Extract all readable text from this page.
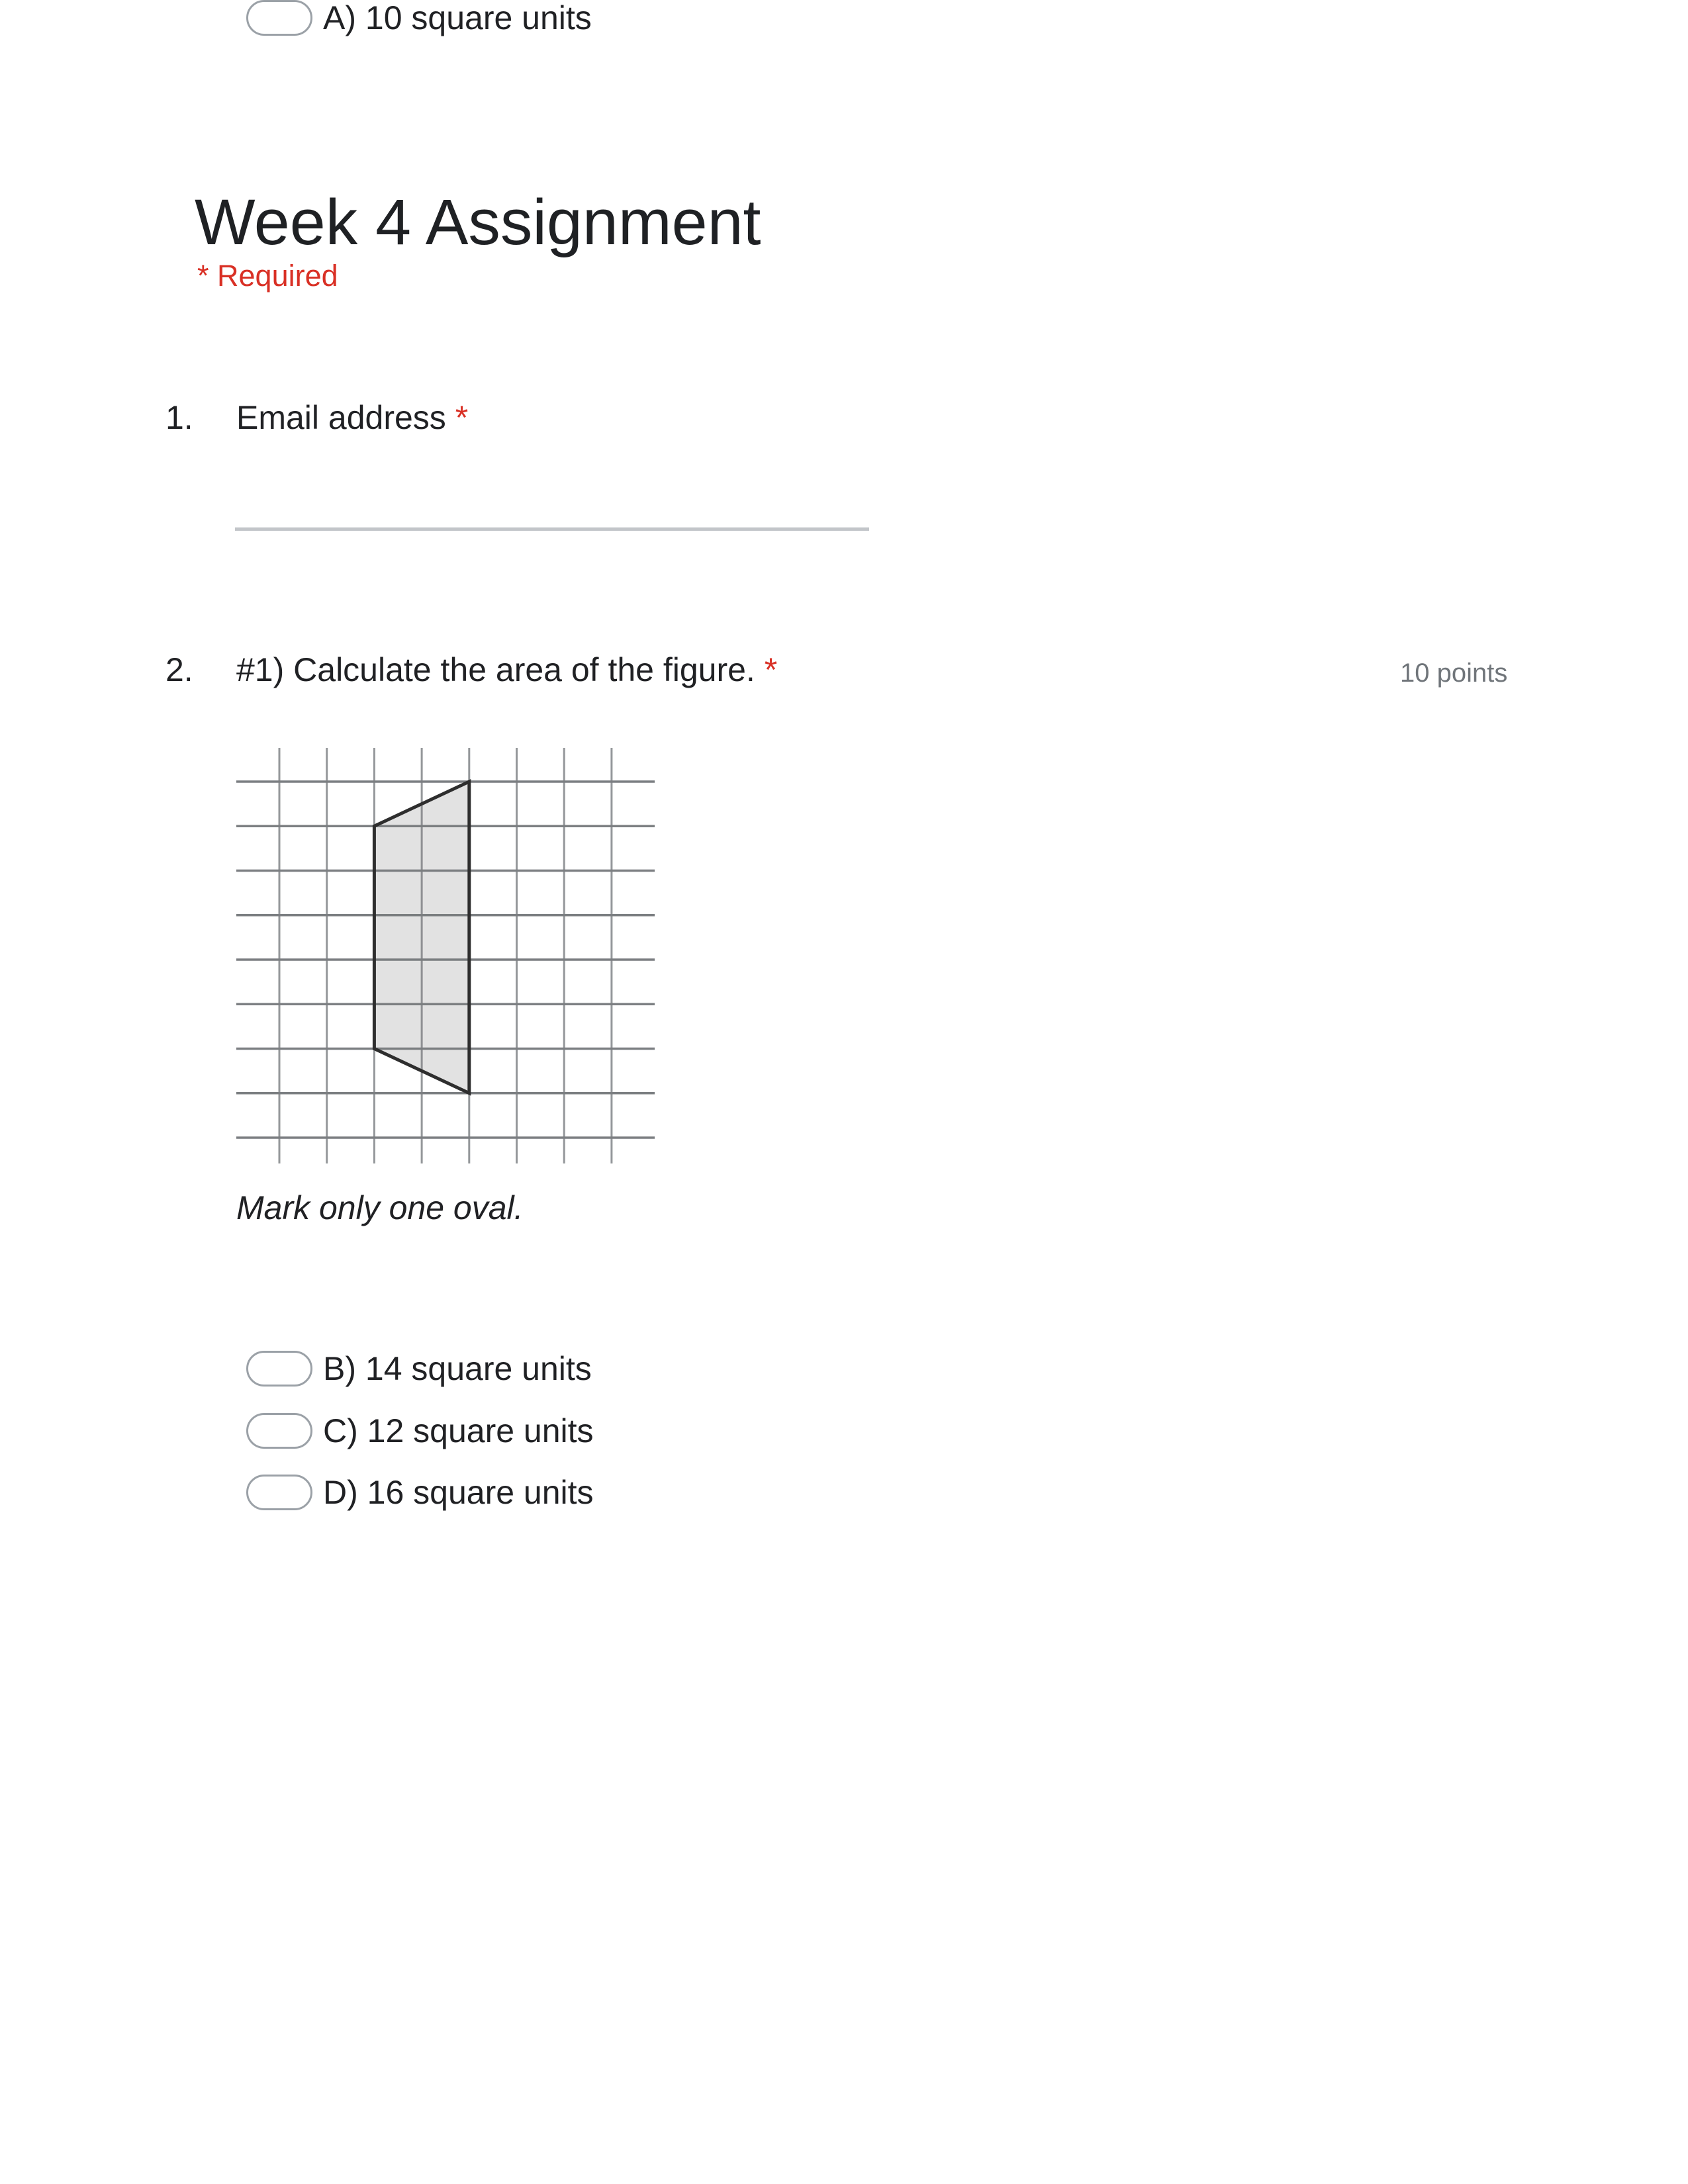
Week 4 Assignment
* Required
1.	Email address *
2.	#1) Calculate the area of the figure. *	10 points
Mark only one oval.
A) 10 square units
B) 14 square units
C) 12 square units
D) 16 square units
